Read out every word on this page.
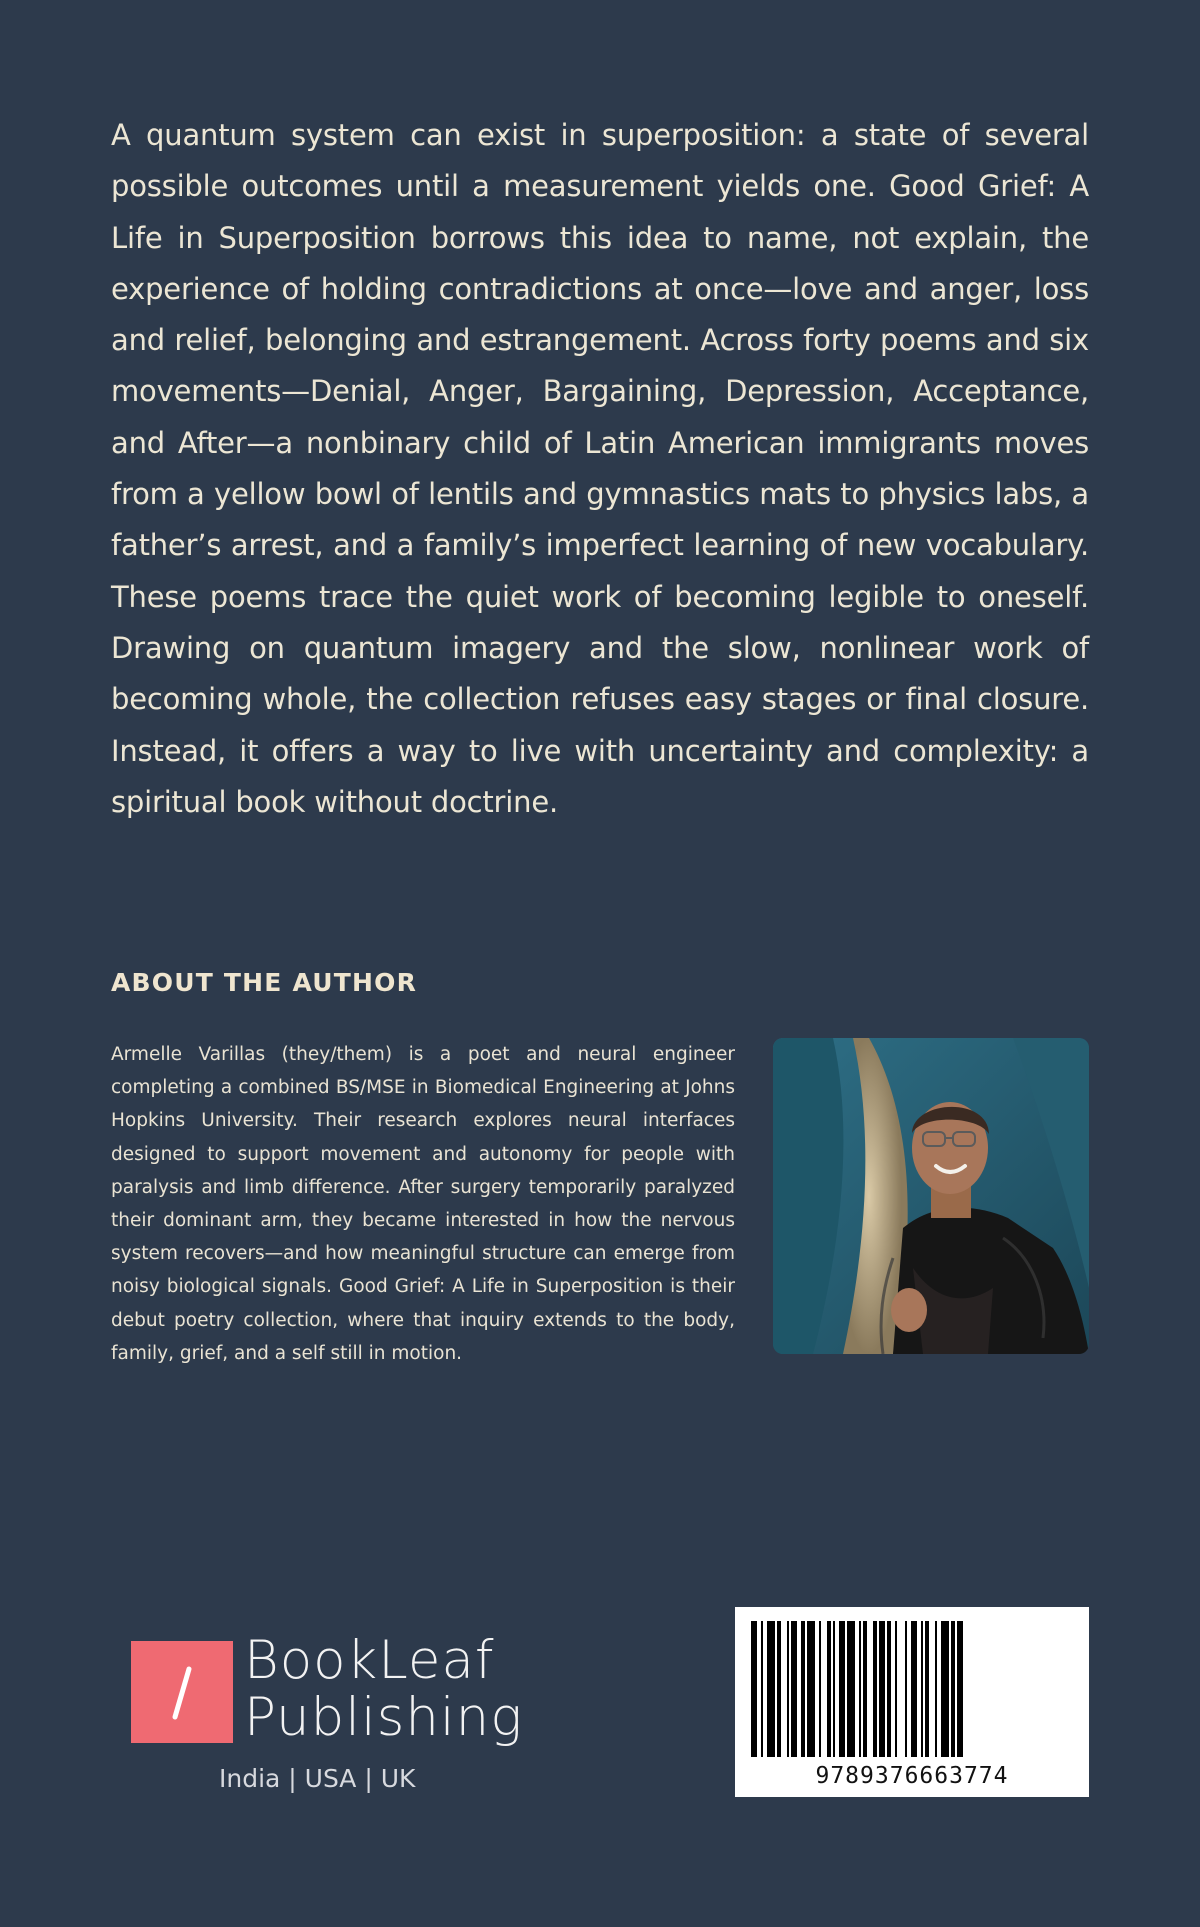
A quantum system can exist in superposition: a state of several possible outcomes until a measurement yields one. Good Grief: A Life in Superposition borrows this idea to name, not explain, the experience of holding contradictions at once—love and anger, loss and relief, belonging and estrangement. Across forty poems and six movements—Denial, Anger, Bargaining, Depression, Acceptance, and After—a nonbinary child of Latin American immigrants moves from a yellow bowl of lentils and gymnastics mats to physics labs, a father’s arrest, and a family’s imperfect learning of new vocabulary. These poems trace the quiet work of becoming legible to oneself. Drawing on quantum imagery and the slow, nonlinear work of becoming whole, the collection refuses easy stages or final closure. Instead, it offers a way to live with uncertainty and complexity: a spiritual book without doctrine.

ABOUT THE AUTHOR

Armelle Varillas (they/them) is a poet and neural engineer completing a combined BS/MSE in Biomedical Engineering at Johns Hopkins University. Their research explores neural interfaces designed to support movement and autonomy for people with paralysis and limb difference. After surgery temporarily paralyzed their dominant arm, they became interested in how the nervous system recovers—and how meaningful structure can emerge from noisy biological signals. Good Grief: A Life in Superposition is their debut poetry collection, where that inquiry extends to the body, family, grief, and a self still in motion.

BookLeaf
Publishing
India | USA | UK	9789376663774
